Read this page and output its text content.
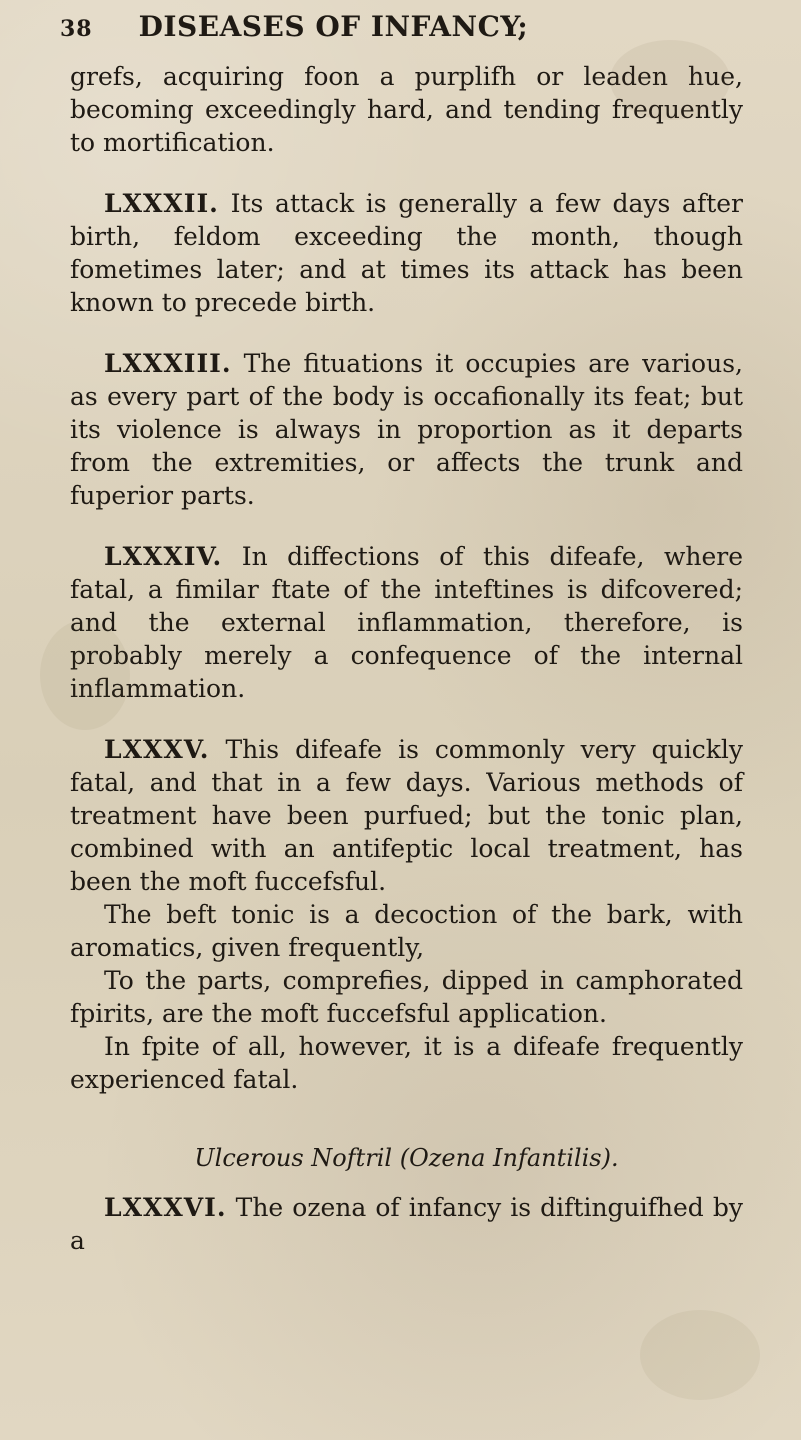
38 DISEASES OF INFANCY;

grefs, acquiring foon a purplifh or leaden hue, becoming exceedingly hard, and tending frequently to mortification.

LXXXII. Its attack is generally a few days after birth, feldom exceeding the month, though fometimes later; and at times its attack has been known to precede birth.

LXXXIII. The fituations it occupies are various, as every part of the body is occafionally its feat; but its violence is always in proportion as it departs from the extremities, or affects the trunk and fuperior parts.

LXXXIV. In diffections of this difeafe, where fatal, a fimilar ftate of the inteftines is difcovered; and the external inflammation, therefore, is probably merely a confequence of the internal inflammation.

LXXXV. This difeafe is commonly very quickly fatal, and that in a few days. Various methods of treatment have been purfued; but the tonic plan, combined with an antifeptic local treatment, has been the moft fuccefsful.

The beft tonic is a decoction of the bark, with aromatics, given frequently,

To the parts, comprefies, dipped in camphorated fpirits, are the moft fuccefsful application.

In fpite of all, however, it is a difeafe frequently experienced fatal.

Ulcerous Noftril (Ozena Infantilis).

LXXXVI. The ozena of infancy is diftinguifhed by a
